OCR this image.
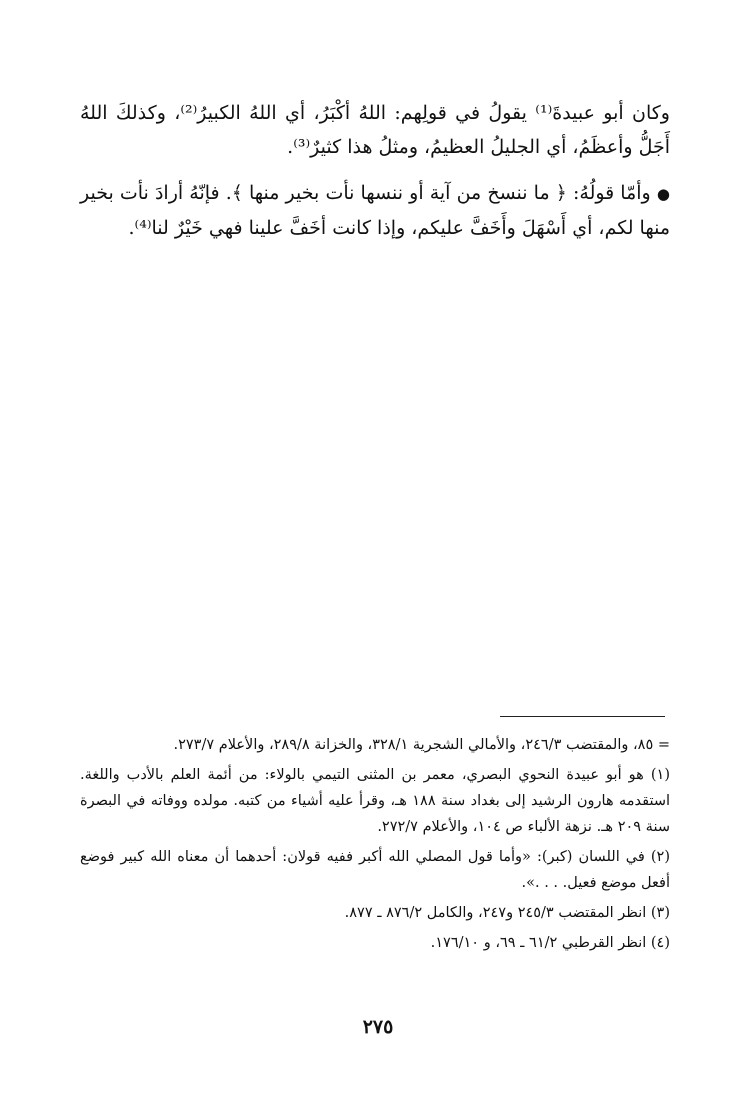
وكان أبو عبيدةَ⁽¹⁾ يقولُ في قولِهم: اللهُ أكْبَرُ، أي اللهُ الكبيرُ⁽²⁾، وكذلكَ اللهُ أَجَلُّ وأعظَمُ، أي الجليلُ العظيمُ، ومثلُ هذا كثيرٌ⁽³⁾.

● وأمّا قولُهُ: ﴿ ما ننسخ من آية أو ننسها نأت بخير منها ﴾. فإنّهُ أرادَ نأت بخير منها لكم، أي أَسْهَلَ وأَخَفَّ عليكم، وإذا كانت أخَفَّ علينا فهي خَيْرٌ لنا⁽⁴⁾.

= ٨٥، والمقتضب ٢٤٦/٣، والأمالي الشجرية ٣٢٨/١، والخزانة ٢٨٩/٨، والأعلام ٢٧٣/٧.

(١) هو أبو عبيدة النحوي البصري، معمر بن المثنى التيمي بالولاء: من أئمة العلم بالأدب واللغة. استقدمه هارون الرشيد إلى بغداد سنة ١٨٨ هـ، وقرأ عليه أشياء من كتبه. مولده ووفاته في البصرة سنة ٢٠٩ هـ. نزهة الألباء ص ١٠٤، والأعلام ٢٧٢/٧.

(٢) في اللسان (كبر): «وأما قول المصلي الله أكبر ففيه قولان: أحدهما أن معناه الله كبير فوضع أفعل موضع فعيل. . . .».

(٣) انظر المقتضب ٢٤٥/٣ و٢٤٧، والكامل ٨٧٦/٢ ـ ٨٧٧.

(٤) انظر القرطبي ٦١/٢ ـ ٦٩، و ١٧٦/١٠.

٢٧٥
